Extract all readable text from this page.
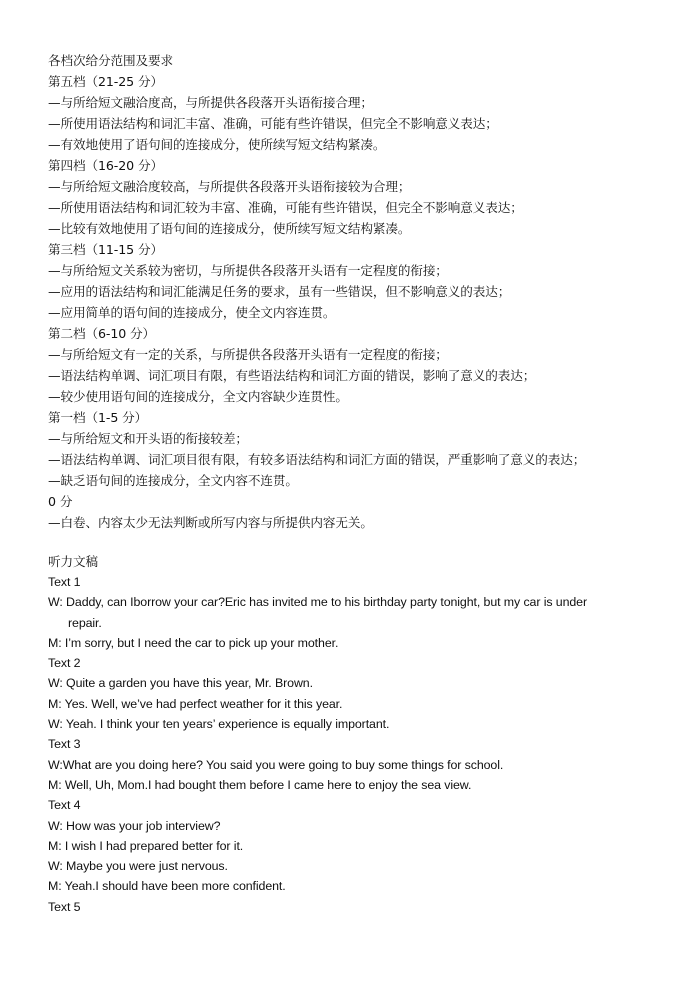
各档次给分范围及要求
第五档（21-25 分）
—与所给短文融洽度高，与所提供各段落开头语衔接合理；
—所使用语法结构和词汇丰富、准确，可能有些许错误，但完全不影响意义表达；
—有效地使用了语句间的连接成分，使所续写短文结构紧凑。
第四档（16-20 分）
—与所给短文融洽度较高，与所提供各段落开头语衔接较为合理；
—所使用语法结构和词汇较为丰富、准确，可能有些许错误，但完全不影响意义表达；
—比较有效地使用了语句间的连接成分，使所续写短文结构紧凑。
第三档（11-15 分）
—与所给短文关系较为密切，与所提供各段落开头语有一定程度的衔接；
—应用的语法结构和词汇能满足任务的要求，虽有一些错误，但不影响意义的表达；
—应用简单的语句间的连接成分，使全文内容连贯。
第二档（6-10 分）
—与所给短文有一定的关系，与所提供各段落开头语有一定程度的衔接；
—语法结构单调、词汇项目有限，有些语法结构和词汇方面的错误，影响了意义的表达；
—较少使用语句间的连接成分，全文内容缺少连贯性。
第一档（1-5 分）
—与所给短文和开头语的衔接较差；
—语法结构单调、词汇项目很有限，有较多语法结构和词汇方面的错误，严重影响了意义的表达；
—缺乏语句间的连接成分，全文内容不连贯。
0 分
—白卷、内容太少无法判断或所写内容与所提供内容无关。
听力文稿
Text 1
W: Daddy, can Iborrow your car?Eric has invited me to his birthday party tonight, but my car is under
repair.
M: I’m sorry, but I need the car to pick up your mother.
Text 2
W: Quite a garden you have this year, Mr. Brown.
M: Yes. Well, we’ve had perfect weather for it this year.
W: Yeah. I think your ten years’ experience is equally important.
Text 3
W:What are you doing here? You said you were going to buy some things for school.
M: Well, Uh, Mom.I had bought them before I came here to enjoy the sea view.
Text 4
W: How was your job interview?
M: I wish I had prepared better for it.
W: Maybe you were just nervous.
M: Yeah.I should have been more confident.
Text 5
